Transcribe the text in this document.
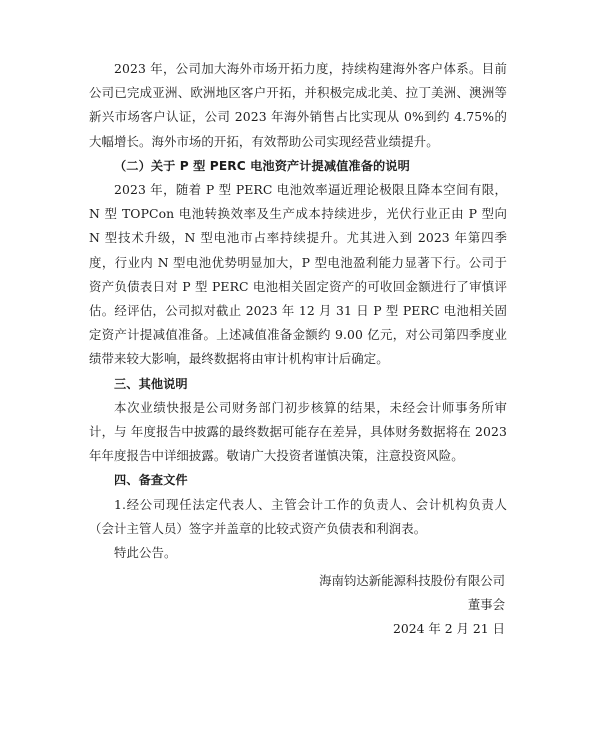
2023 年，公司加大海外市场开拓力度，持续构建海外客户体系。目前公司已完成亚洲、欧洲地区客户开拓，并积极完成北美、拉丁美洲、澳洲等新兴市场客户认证，公司 2023 年海外销售占比实现从 0%到约 4.75%的大幅增长。海外市场的开拓，有效帮助公司实现经营业绩提升。

（二）关于 P 型 PERC 电池资产计提减值准备的说明

2023 年，随着 P 型 PERC 电池效率逼近理论极限且降本空间有限，N 型 TOPCon 电池转换效率及生产成本持续进步，光伏行业正由 P 型向 N 型技术升级，N 型电池市占率持续提升。尤其进入到 2023 年第四季度，行业内 N 型电池优势明显加大，P 型电池盈利能力显著下行。公司于资产负债表日对 P 型 PERC 电池相关固定资产的可收回金额进行了审慎评估。经评估，公司拟对截止 2023 年 12 月 31 日 P 型 PERC 电池相关固定资产计提减值准备。上述减值准备金额约 9.00 亿元，对公司第四季度业绩带来较大影响，最终数据将由审计机构审计后确定。

三、其他说明

本次业绩快报是公司财务部门初步核算的结果，未经会计师事务所审计，与 年度报告中披露的最终数据可能存在差异，具体财务数据将在 2023 年年度报告中详细披露。敬请广大投资者谨慎决策，注意投资风险。

四、备查文件

1.经公司现任法定代表人、主管会计工作的负责人、会计机构负责人（会计主管人员）签字并盖章的比较式资产负债表和利润表。

特此公告。

海南钧达新能源科技股份有限公司
董事会
2024 年 2 月 21 日
